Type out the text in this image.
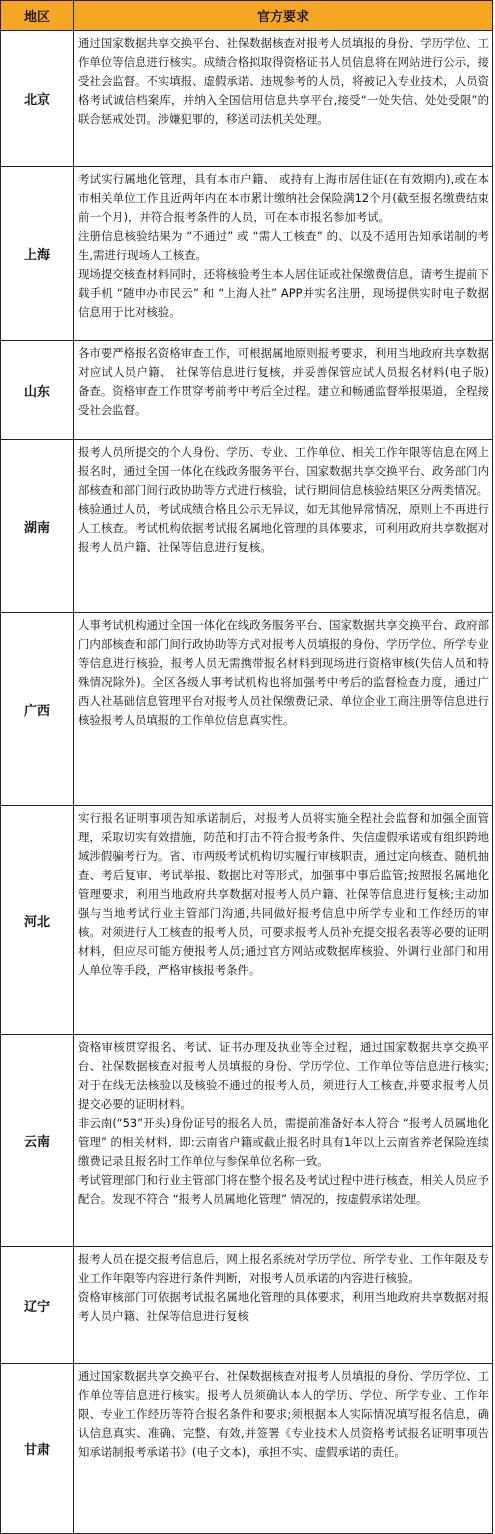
地区	官方要求
北京

通过国家数据共享交换平台、社保数据核查对报考人员填报的身份、学历学位、工作单位等信息进行核实。成绩合格拟取得资格证书人员信息将在网站进行公示，接受社会监督。不实填报、虚假承诺、违规参考的人员，将被记入专业技术，人员资格考试诚信档案库，并纳入全国信用信息共享平台,接受“一处失信、处处受限”的联合惩戒处罚。涉嫌犯罪的，移送司法机关处理。

上海

考试实行属地化管理，具有本市户籍、 或持有上海市居住证(在有效期内),或在本市相关单位工作且近两年内在本市累计缴纳社会保险满12个月(截至报名缴费结束前一个月)，并符合报考条件的人员，可在本市报名参加考试。

注册信息核验结果为 “不通过” 或 “需人工核查” 的、以及不适用告知承诺制的考生,需进行现场人工核查。

现场提交核查材料同时，还将核验考生本人居住证或社保缴费信息，请考生提前下载手机 “随申办市民云” 和 “上海人社” APP并实名注册，现场提供实时电子数据信息用于比对核验。

山东

各市要严格报名资格审查工作，可根据属地原则报考要求，利用当地政府共享数据对应试人员户籍、 社保等信息进行复核，并妥善保管应试人员报名材料(电子版)备查。资格审查工作贯穿考前考中考后全过程。建立和畅通监督举报渠道，全程接受社会监督。

湖南

报考人员所提交的个人身份、学历、专业、工作单位、相关工作年限等信息在网上报名时，通过全国一体化在线政务服务平台、国家数据共享交换平台、政务部门内部核查和部门间行政协助等方式进行核验，试行期间信息核验结果区分两类情况。

核验通过人员，考试成绩合格且公示无异议，如无其他异常情况，原则上不再进行人工核查。考试机构依据考试报名属地化管理的具体要求，可利用政府共享数据对报考人员户籍、社保等信息进行复核。

广西

人事考试机构通过全国一体化在线政务服务平台、国家数据共享交换平台、政府部门内部核查和部门间行政协助等方式对报考人员填报的身份、学历学位、所学专业等信息进行核验，报考人员无需携带报名材料到现场进行资格审核(失信人员和特殊情况除外)。全区各级人事考试机构也将加强考中考后的监督检查力度，通过广西人社基础信息管理平台对报考人员社保缴费记录、单位企业工商注册等信息进行核验报考人员填报的工作单位信息真实性。

河北

实行报名证明事项告知承诺制后，对报考人员将实施全程社会监督和加强全面管理，采取切实有效措施，防范和打击不符合报考条件、失信虚假承诺或有组织跨地域涉假骗考行为。省、市两级考试机构切实履行审核职责，通过定向核查、随机抽查、考后复审、考试举报、数据比对等形式，加强事中事后监管;按照报名属地化管理要求，利用当地政府共享数据对报考人员户籍、社保等信息进行复核;主动加强与当地考试行业主管部门沟通,共同做好报考信息中所学专业和工作经历的审核。对须进行人工核查的报考人员，可要求报考人员补充提交报名表等必要的证明材料，但应尽可能方便报考人员;通过官方网站或数据库核验、外调行业部门和用人单位等手段，严格审核报考条件。

云南

资格审核贯穿报名、考试、证书办理及执业等全过程，通过国家数据共享交换平台、社保数据核查对报考人员填报的身份、学历学位、工作单位等信息进行核实;对于在线无法核验以及核验不通过的报考人员，须进行人工核查,并要求报考人员提交必要的证明材料。

非云南(“53”开头)身份证号的报名人员，需提前准备好本人符合 “报考人员属地化管理” 的相关材料，即:云南省户籍或截止报名时具有1年以上云南省养老保险连续缴费记录且报名时工作单位与参保单位名称一致。

考试管理部门和行业主管部门将在整个报名及考试过程中进行核查，相关人员应予配合。发现不符合 “报考人员属地化管理” 情况的，按虚假承诺处理。

辽宁

报考人员在提交报考信息后，网上报名系统对学历学位、所学专业、工作年限及专业工作年限等内容进行条件判断，对报考人员承诺的内容进行核验。

资格审核部门可依据考试报名属地化管理的具体要求，利用当地政府共享数据对报考人员户籍、社保等信息进行复核

甘肃

通过国家数据共享交换平台、社保数据核查对报考人员填报的身份、学历学位、工作单位等信息进行核实。报考人员须确认本人的学历、学位、所学专业、工作年限、专业工作经历等符合报名条件和要求;须根据本人实际情况填写报名信息，确认信息真实、准确、完整、有效,并签署《专业技术人员资格考试报名证明事项告知承诺制报考承诺书》(电子文本)，承担不实、虚假承诺的责任。
